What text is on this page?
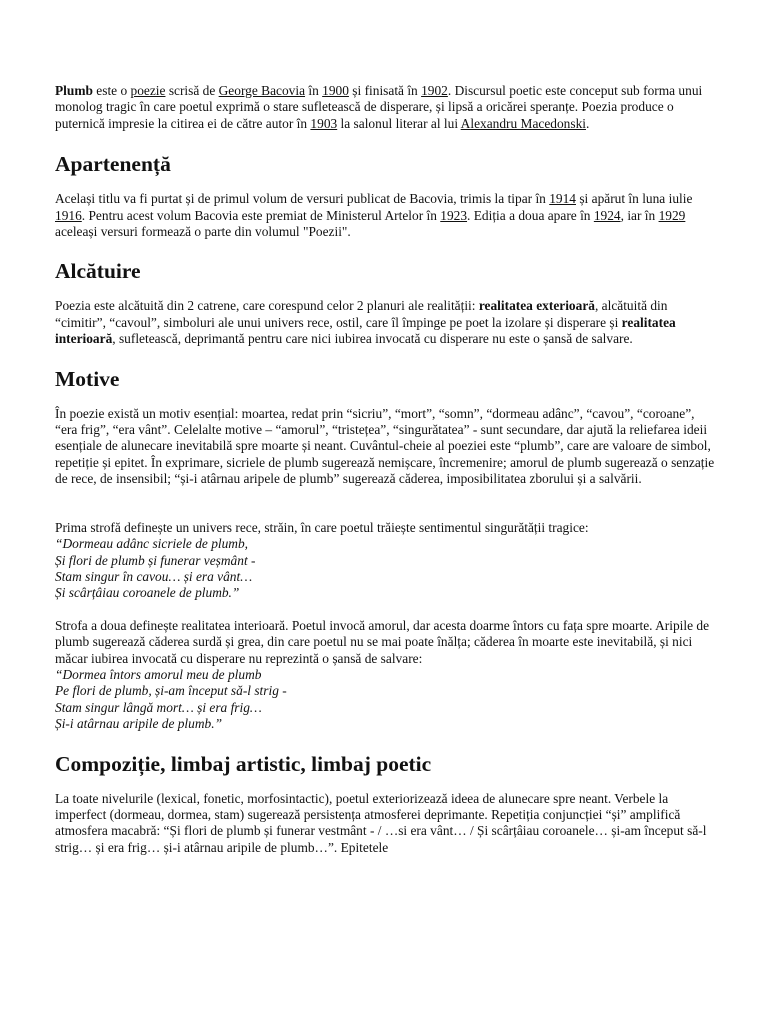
Plumb este o poezie scrisă de George Bacovia în 1900 și finisată în 1902. Discursul poetic este conceput sub forma unui monolog tragic în care poetul exprimă o stare sufletească de disperare, și lipsă a oricărei speranțe. Poezia produce o puternică impresie la citirea ei de către autor în 1903 la salonul literar al lui Alexandru Macedonski.

Apartenență

Același titlu va fi purtat și de primul volum de versuri publicat de Bacovia, trimis la tipar în 1914 și apărut în luna iulie 1916. Pentru acest volum Bacovia este premiat de Ministerul Artelor în 1923. Ediția a doua apare în 1924, iar în 1929 aceleași versuri formează o parte din volumul "Poezii".

Alcătuire

Poezia este alcătuită din 2 catrene, care corespund celor 2 planuri ale realității: realitatea exterioară, alcătuită din “cimitir”, “cavoul”, simboluri ale unui univers rece, ostil, care îl împinge pe poet la izolare și disperare și realitatea interioară, sufletească, deprimantă pentru care nici iubirea invocată cu disperare nu este o șansă de salvare.

Motive

În poezie există un motiv esențial: moartea, redat prin “sicriu”, “mort”, “somn”, “dormeau adânc”, “cavou”, “coroane”, “era frig”, “era vânt”. Celelalte motive – “amorul”, “tristețea”, “singurătatea” - sunt secundare, dar ajută la reliefarea ideii esențiale de alunecare inevitabilă spre moarte și neant. Cuvântul-cheie al poeziei este “plumb”, care are valoare de simbol, repetiție și epitet. În exprimare, sicriele de plumb sugerează nemișcare, încremenire; amorul de plumb sugerează o senzație de rece, de insensibil; “și-i atârnau aripele de plumb” sugerează căderea, imposibilitatea zborului și a salvării.

Prima strofă definește un univers rece, străin, în care poetul trăiește sentimentul singurătății tragice:

“Dormeau adânc sicriele de plumb,
Și flori de plumb și funerar veșmânt -
Stam singur în cavou… și era vânt…
Și scârțâiau coroanele de plumb.”

Strofa a doua definește realitatea interioară. Poetul invocă amorul, dar acesta doarme întors cu fața spre moarte. Aripile de plumb sugerează căderea surdă și grea, din care poetul nu se mai poate înălța; căderea în moarte este inevitabilă, și nici măcar iubirea invocată cu disperare nu reprezintă o șansă de salvare:

“Dormea întors amorul meu de plumb
Pe flori de plumb, și-am început să-l strig -
Stam singur lângă mort… și era frig…
Și-i atârnau aripile de plumb.”
Compoziție, limbaj artistic, limbaj poetic

La toate nivelurile (lexical, fonetic, morfosintactic), poetul exteriorizează ideea de alunecare spre neant. Verbele la imperfect (dormeau, dormea, stam) sugerează persistența atmosferei deprimante. Repetiția conjuncției “și” amplifică atmosfera macabră: “Și flori de plumb și funerar vestmânt - / …si era vânt… / Și scârțâiau coroanele… și-am început să-l strig… și era frig… și-i atârnau aripile de plumb…”. Epitetele
